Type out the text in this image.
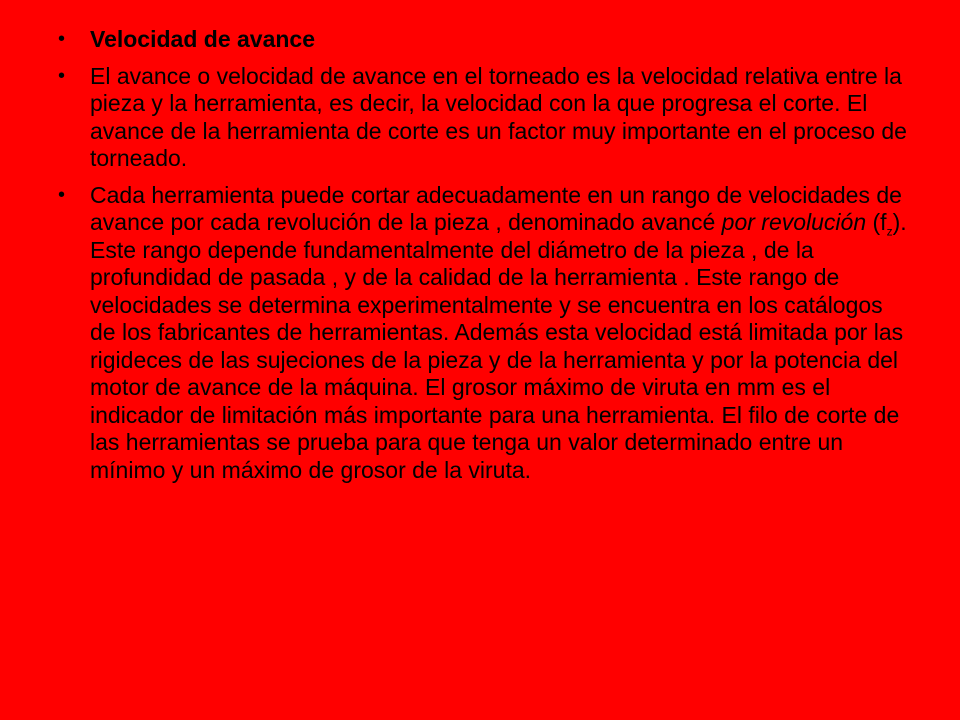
• Velocidad de avance
• El avance o velocidad de avance en el torneado es la velocidad relativa entre la pieza y la herramienta, es decir, la velocidad con la que progresa el corte. El avance de la herramienta de corte es un factor muy importante en el proceso de torneado.
• Cada herramienta puede cortar adecuadamente en un rango de velocidades de avance por cada revolución de la pieza , denominado avancé por revolución $(f_z)$. Este rango depende fundamentalmente del diámetro de la pieza , de la profundidad de pasada , y de la calidad de la herramienta . Este rango de velocidades se determina experimentalmente y se encuentra en los catálogos de los fabricantes de herramientas. Además esta velocidad está limitada por las rigideces de las sujeciones de la pieza y de la herramienta y por la potencia del motor de avance de la máquina. El grosor máximo de viruta en mm es el indicador de limitación más importante para una herramienta. El filo de corte de las herramientas se prueba para que tenga un valor determinado entre un mínimo y un máximo de grosor de la viruta.
